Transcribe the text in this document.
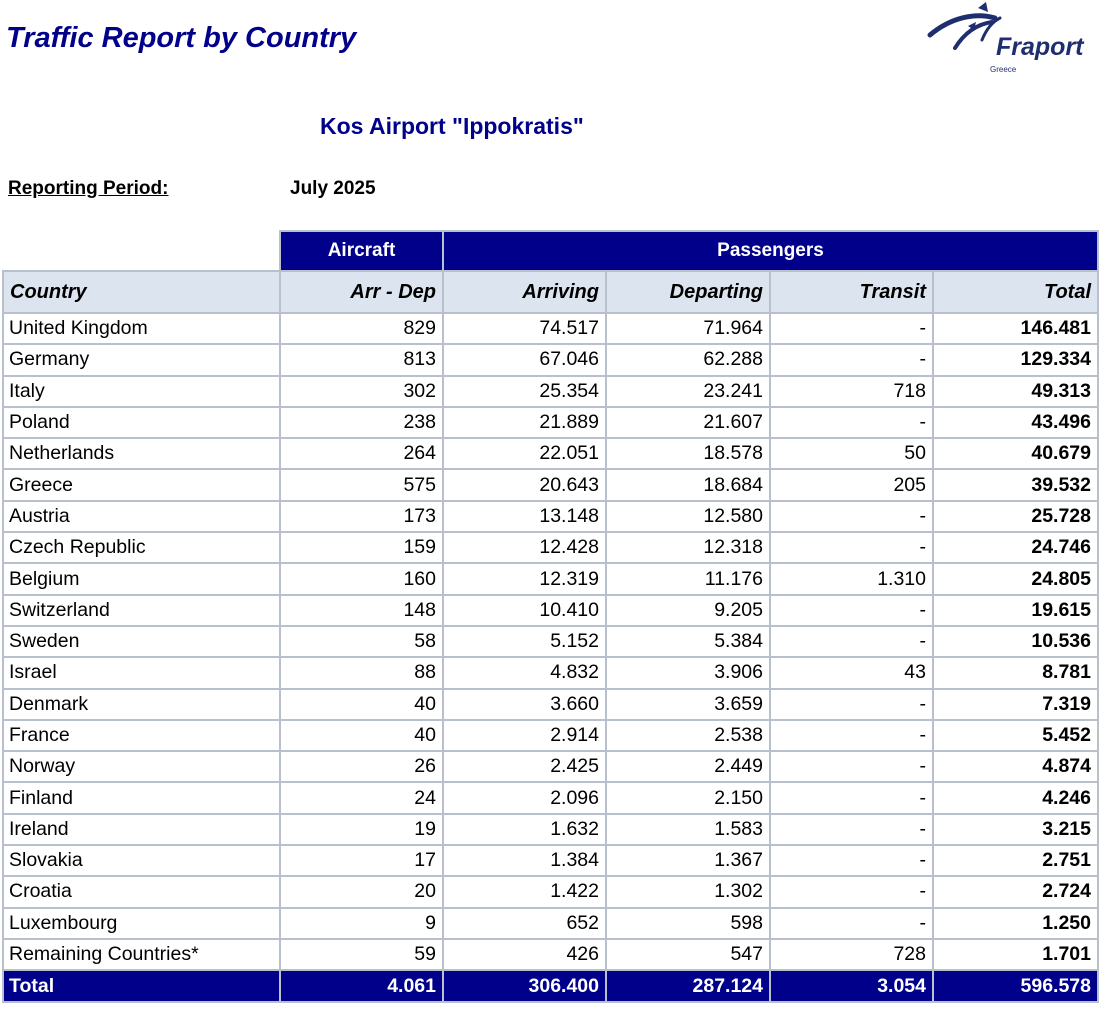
Traffic Report by Country	Fraport
Greece
Kos Airport "Ippokratis"
Reporting Period:	July 2025
	Aircraft	Passengers			
Country	Arr - Dep	Arriving	Departing	Transit	Total
United Kingdom	829	74.517	71.964	-	146.481
Germany	813	67.046	62.288	-	129.334
Italy	302	25.354	23.241	718	49.313
Poland	238	21.889	21.607	-	43.496
Netherlands	264	22.051	18.578	50	40.679
Greece	575	20.643	18.684	205	39.532
Austria	173	13.148	12.580	-	25.728
Czech Republic	159	12.428	12.318	-	24.746
Belgium	160	12.319	11.176	1.310	24.805
Switzerland	148	10.410	9.205	-	19.615
Sweden	58	5.152	5.384	-	10.536
Israel	88	4.832	3.906	43	8.781
Denmark	40	3.660	3.659	-	7.319
France	40	2.914	2.538	-	5.452
Norway	26	2.425	2.449	-	4.874
Finland	24	2.096	2.150	-	4.246
Ireland	19	1.632	1.583	-	3.215
Slovakia	17	1.384	1.367	-	2.751
Croatia	20	1.422	1.302	-	2.724
Luxembourg	9	652	598	-	1.250
Remaining Countries*	59	426	547	728	1.701
Total	4.061	306.400	287.124	3.054	596.578
